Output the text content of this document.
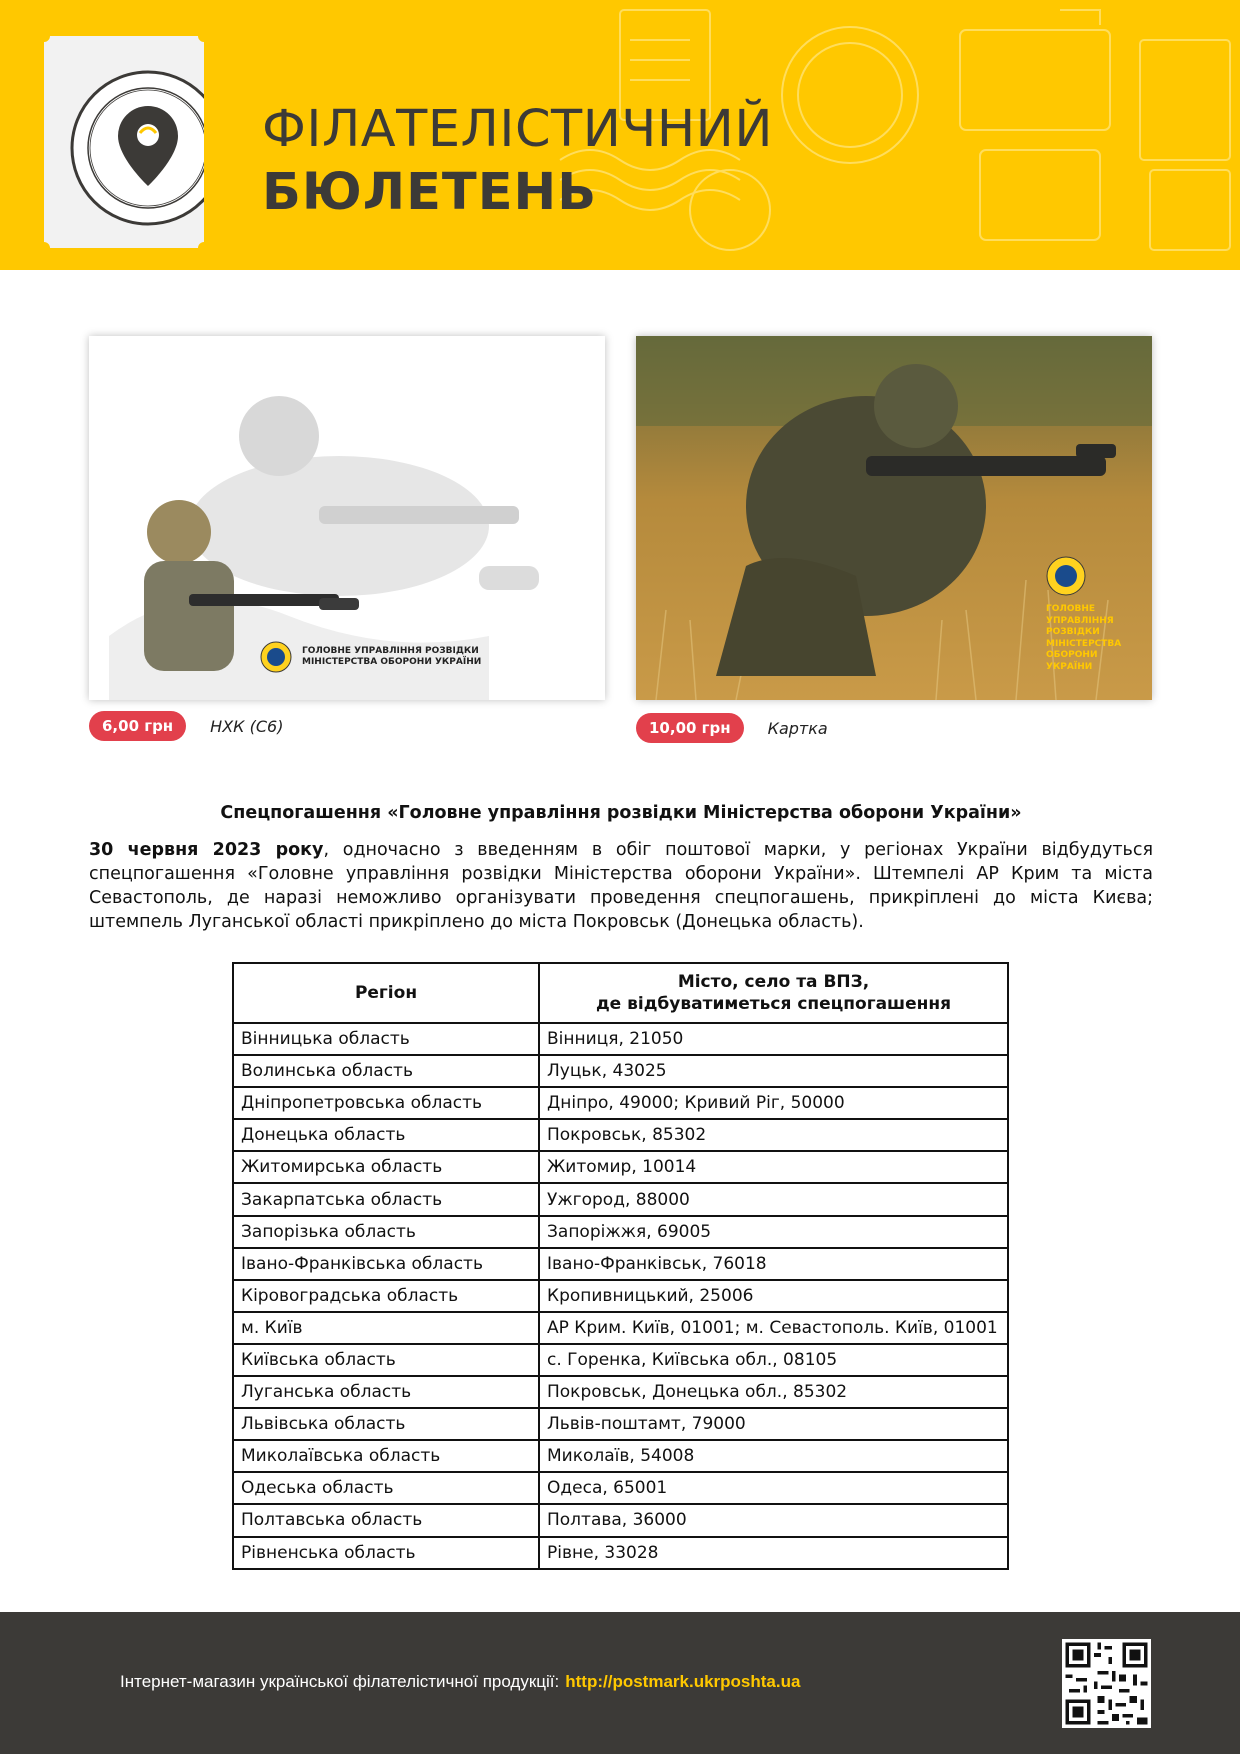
ФІЛАТЕЛІСТИЧНИЙ
БЮЛЕТЕНЬ
ГОЛОВНЕ УПРАВЛІННЯ РОЗВІДКИ
МІНІСТЕРСТВА ОБОРОНИ УКРАЇНИ
6,00 грн	НХК (С6)
ГОЛОВНЕ
УПРАВЛІННЯ
РОЗВІДКИ
МІНІСТЕРСТВА
ОБОРОНИ
УКРАЇНИ
10,00 грн	Картка
Спецпогашення «Головне управління розвідки Міністерства оборони України»
30 червня 2023 року, одночасно з введенням в обіг поштової марки, у регіонах України відбудуться спецпогашення «Головне управління розвідки Міністерства оборони України». Штемпелі АР Крим та міста Севастополь, де наразі неможливо організувати проведення спецпогашень, прикріплені до міста Києва; штемпель Луганської області прикріплено до міста Покровськ (Донецька область).
Регіон	Місто, село та ВПЗ,
де відбуватиметься спецпогашення
Вінницька область	Вінниця, 21050
Волинська область	Луцьк, 43025
Дніпропетровська область	Дніпро, 49000; Кривий Ріг, 50000
Донецька область	Покровськ, 85302
Житомирська область	Житомир, 10014
Закарпатська область	Ужгород, 88000
Запорізька область	Запоріжжя, 69005
Івано-Франківська область	Івано-Франківськ, 76018
Кіровоградська область	Кропивницький, 25006
м. Київ	АР Крим. Київ, 01001; м. Севастополь. Київ, 01001
Київська область	с. Горенка, Київська обл., 08105
Луганська область	Покровськ, Донецька обл., 85302
Львівська область	Львів-поштамт, 79000
Миколаївська область	Миколаїв, 54008
Одеська область	Одеса, 65001
Полтавська область	Полтава, 36000
Рівненська область	Рівне, 33028
Інтернет-магазин української філателістичної продукції: http://postmark.ukrposhta.ua
